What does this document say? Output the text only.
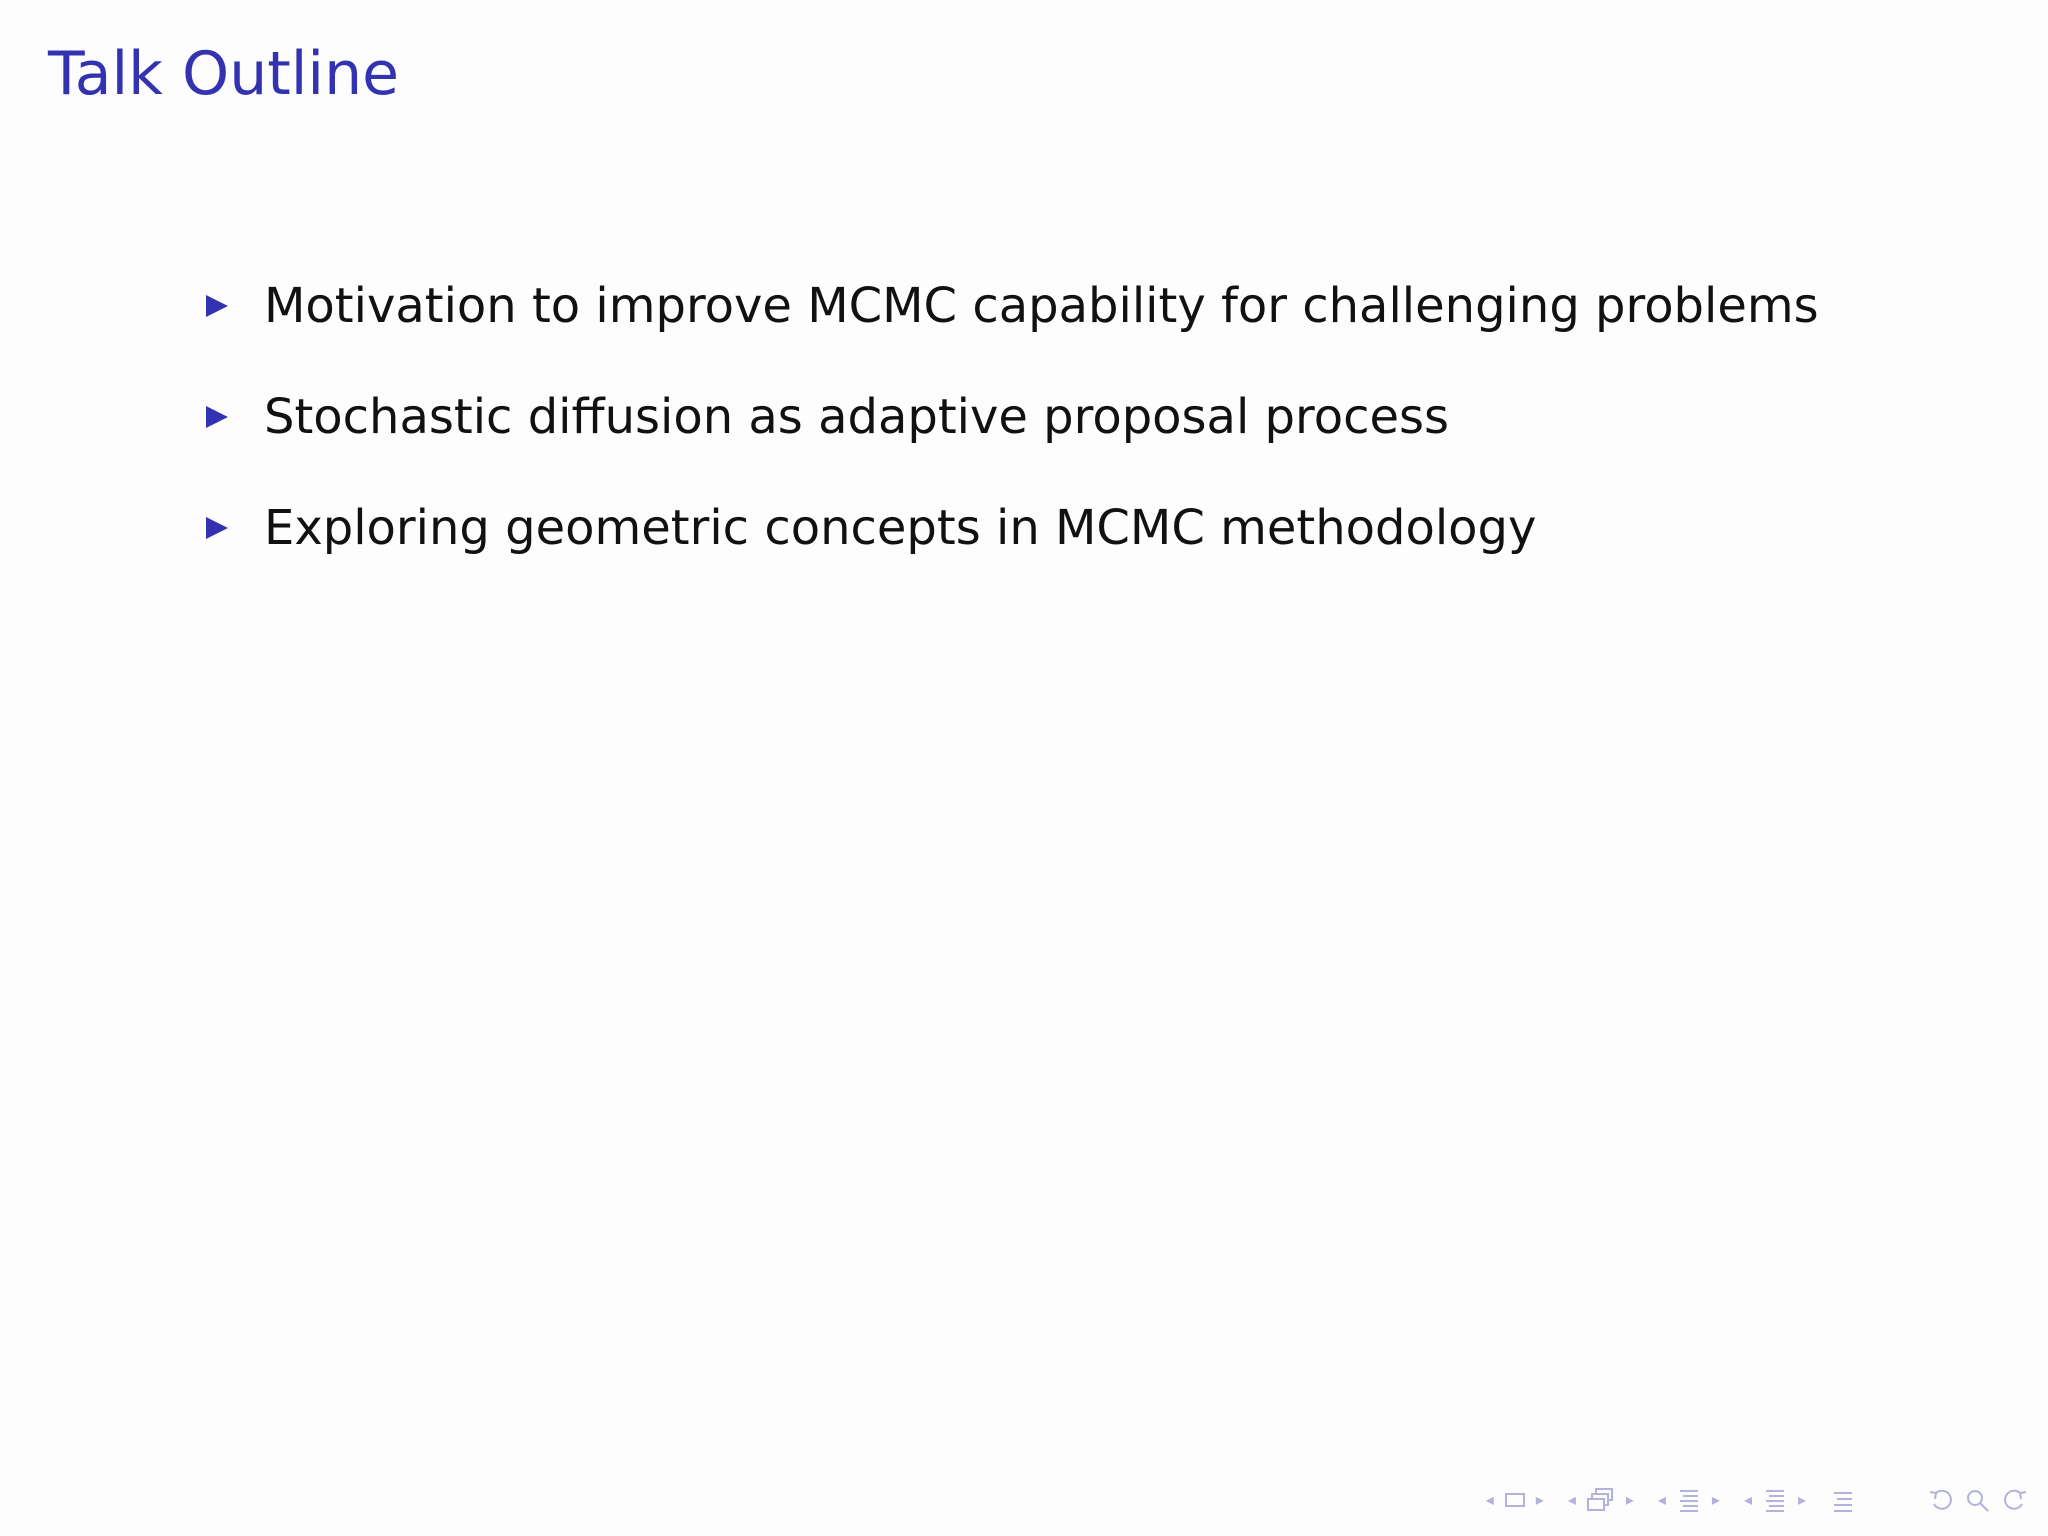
Talk Outline
Motivation to improve MCMC capability for challenging problems
Stochastic diffusion as adaptive proposal process
Exploring geometric concepts in MCMC methodology
◂	▸ ◂	▸ ◂	▸ ◂	▸
